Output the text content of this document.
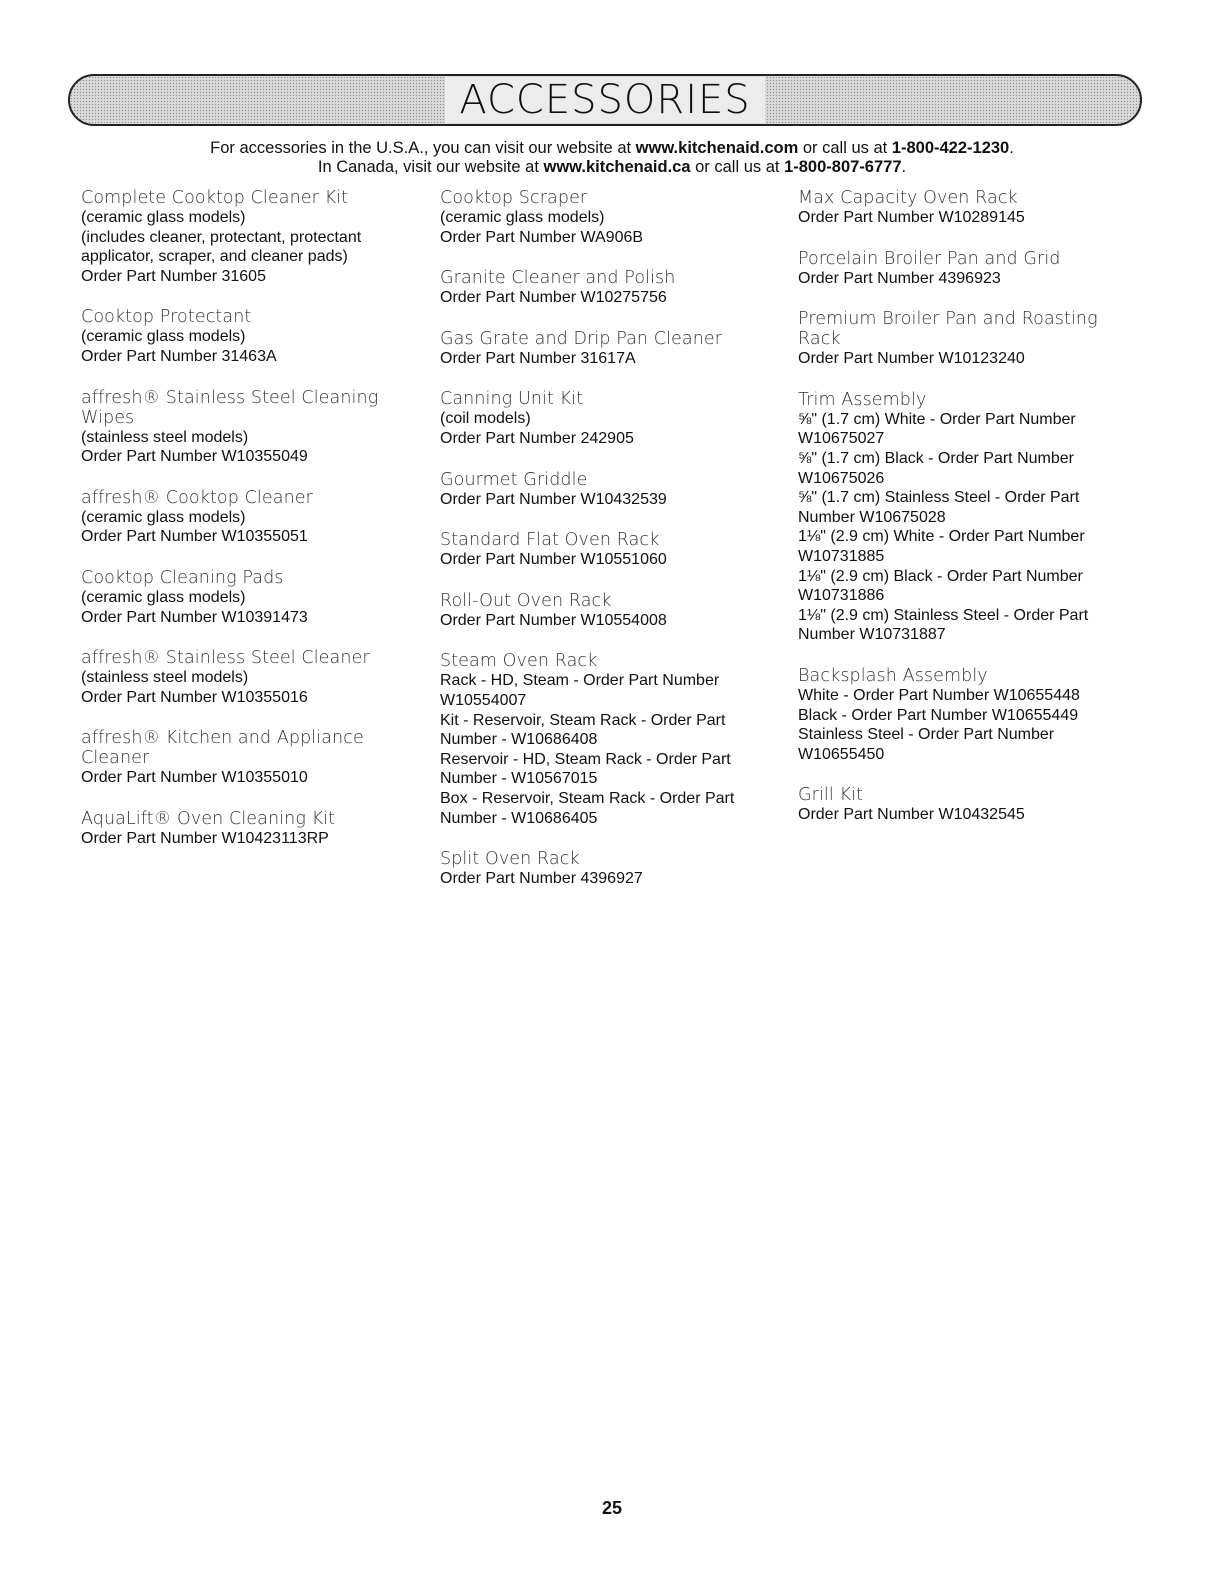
ACCESSORIES
For accessories in the U.S.A., you can visit our website at www.kitchenaid.com or call us at 1-800-422-1230.
In Canada, visit our website at www.kitchenaid.ca or call us at 1-800-807-6777.
Complete Cooktop Cleaner Kit
(ceramic glass models)
(includes cleaner, protectant, protectant
applicator, scraper, and cleaner pads)
Order Part Number 31605
Cooktop Protectant
(ceramic glass models)
Order Part Number 31463A
affresh® Stainless Steel Cleaning Wipes
(stainless steel models)
Order Part Number W10355049
affresh® Cooktop Cleaner
(ceramic glass models)
Order Part Number W10355051
Cooktop Cleaning Pads
(ceramic glass models)
Order Part Number W10391473
affresh® Stainless Steel Cleaner
(stainless steel models)
Order Part Number W10355016
affresh® Kitchen and Appliance Cleaner
Order Part Number W10355010
AquaLift® Oven Cleaning Kit
Order Part Number W10423113RP
Cooktop Scraper
(ceramic glass models)
Order Part Number WA906B
Granite Cleaner and Polish
Order Part Number W10275756
Gas Grate and Drip Pan Cleaner
Order Part Number 31617A
Canning Unit Kit
(coil models)
Order Part Number 242905
Gourmet Griddle
Order Part Number W10432539
Standard Flat Oven Rack
Order Part Number W10551060
Roll-Out Oven Rack
Order Part Number W10554008
Steam Oven Rack
Rack - HD, Steam - Order Part Number W10554007
Kit - Reservoir, Steam Rack - Order Part Number - W10686408
Reservoir - HD, Steam Rack - Order Part Number - W10567015
Box - Reservoir, Steam Rack - Order Part Number - W10686405
Split Oven Rack
Order Part Number 4396927
Max Capacity Oven Rack
Order Part Number W10289145
Porcelain Broiler Pan and Grid
Order Part Number 4396923
Premium Broiler Pan and Roasting Rack
Order Part Number W10123240
Trim Assembly
⅝" (1.7 cm) White - Order Part Number W10675027
⅝" (1.7 cm) Black - Order Part Number W10675026
⅝" (1.7 cm) Stainless Steel - Order Part Number W10675028
1⅛" (2.9 cm) White - Order Part Number W10731885
1⅛" (2.9 cm) Black - Order Part Number W10731886
1⅛" (2.9 cm) Stainless Steel - Order Part Number W10731887
Backsplash Assembly
White - Order Part Number W10655448
Black - Order Part Number W10655449
Stainless Steel - Order Part Number W10655450
Grill Kit
Order Part Number W10432545
25
